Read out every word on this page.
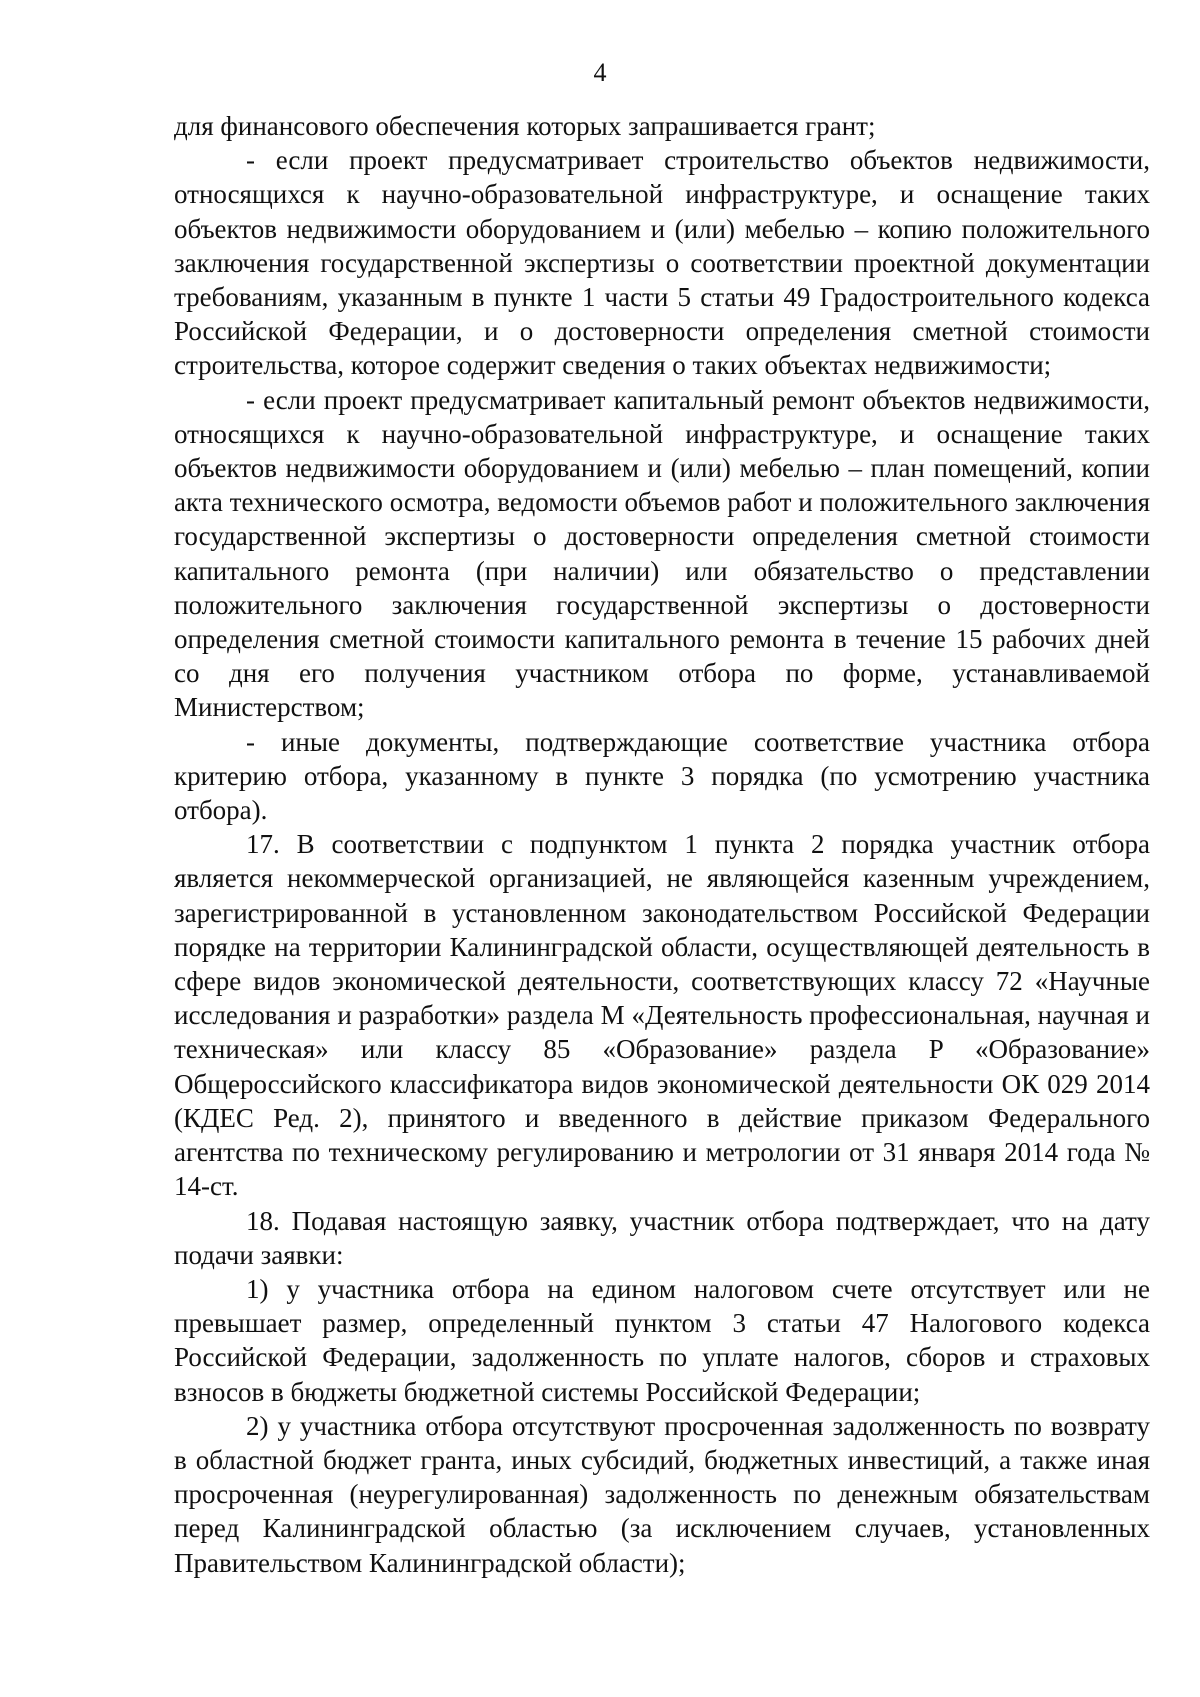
4

для финансового обеспечения которых запрашивается грант;

- если проект предусматривает строительство объектов недвижимости, относящихся к научно-образовательной инфраструктуре, и оснащение таких объектов недвижимости оборудованием и (или) мебелью – копию положительного заключения государственной экспертизы о соответствии проектной документации требованиям, указанным в пункте 1 части 5 статьи 49 Градостроительного кодекса Российской Федерации, и о достоверности определения сметной стоимости строительства, которое содержит сведения о таких объектах недвижимости;

- если проект предусматривает капитальный ремонт объектов недвижимости, относящихся к научно-образовательной инфраструктуре, и оснащение таких объектов недвижимости оборудованием и (или) мебелью – план помещений, копии акта технического осмотра, ведомости объемов работ и положительного заключения государственной экспертизы о достоверности определения сметной стоимости капитального ремонта (при наличии) или обязательство о представлении положительного заключения государственной экспертизы о достоверности определения сметной стоимости капитального ремонта в течение 15 рабочих дней со дня его получения участником отбора по форме, устанавливаемой Министерством;

- иные документы, подтверждающие соответствие участника отбора критерию отбора, указанному в пункте 3 порядка (по усмотрению участника отбора).

17. В соответствии с подпунктом 1 пункта 2 порядка участник отбора является некоммерческой организацией, не являющейся казенным учреждением, зарегистрированной в установленном законодательством Российской Федерации порядке на территории Калининградской области, осуществляющей деятельность в сфере видов экономической деятельности, соответствующих классу 72 «Научные исследования и разработки» раздела M «Деятельность профессиональная, научная и техническая» или классу 85 «Образование» раздела P «Образование» Общероссийского классификатора видов экономической деятельности ОК 029 2014 (КДЕС Ред. 2), принятого и введенного в действие приказом Федерального агентства по техническому регулированию и метрологии от 31 января 2014 года № 14-ст.

18. Подавая настоящую заявку, участник отбора подтверждает, что на дату подачи заявки:

1) у участника отбора на едином налоговом счете отсутствует или не превышает размер, определенный пунктом 3 статьи 47 Налогового кодекса Российской Федерации, задолженность по уплате налогов, сборов и страховых взносов в бюджеты бюджетной системы Российской Федерации;

2) у участника отбора отсутствуют просроченная задолженность по возврату в областной бюджет гранта, иных субсидий, бюджетных инвестиций, а также иная просроченная (неурегулированная) задолженность по денежным обязательствам перед Калининградской областью (за исключением случаев, установленных Правительством Калининградской области);
